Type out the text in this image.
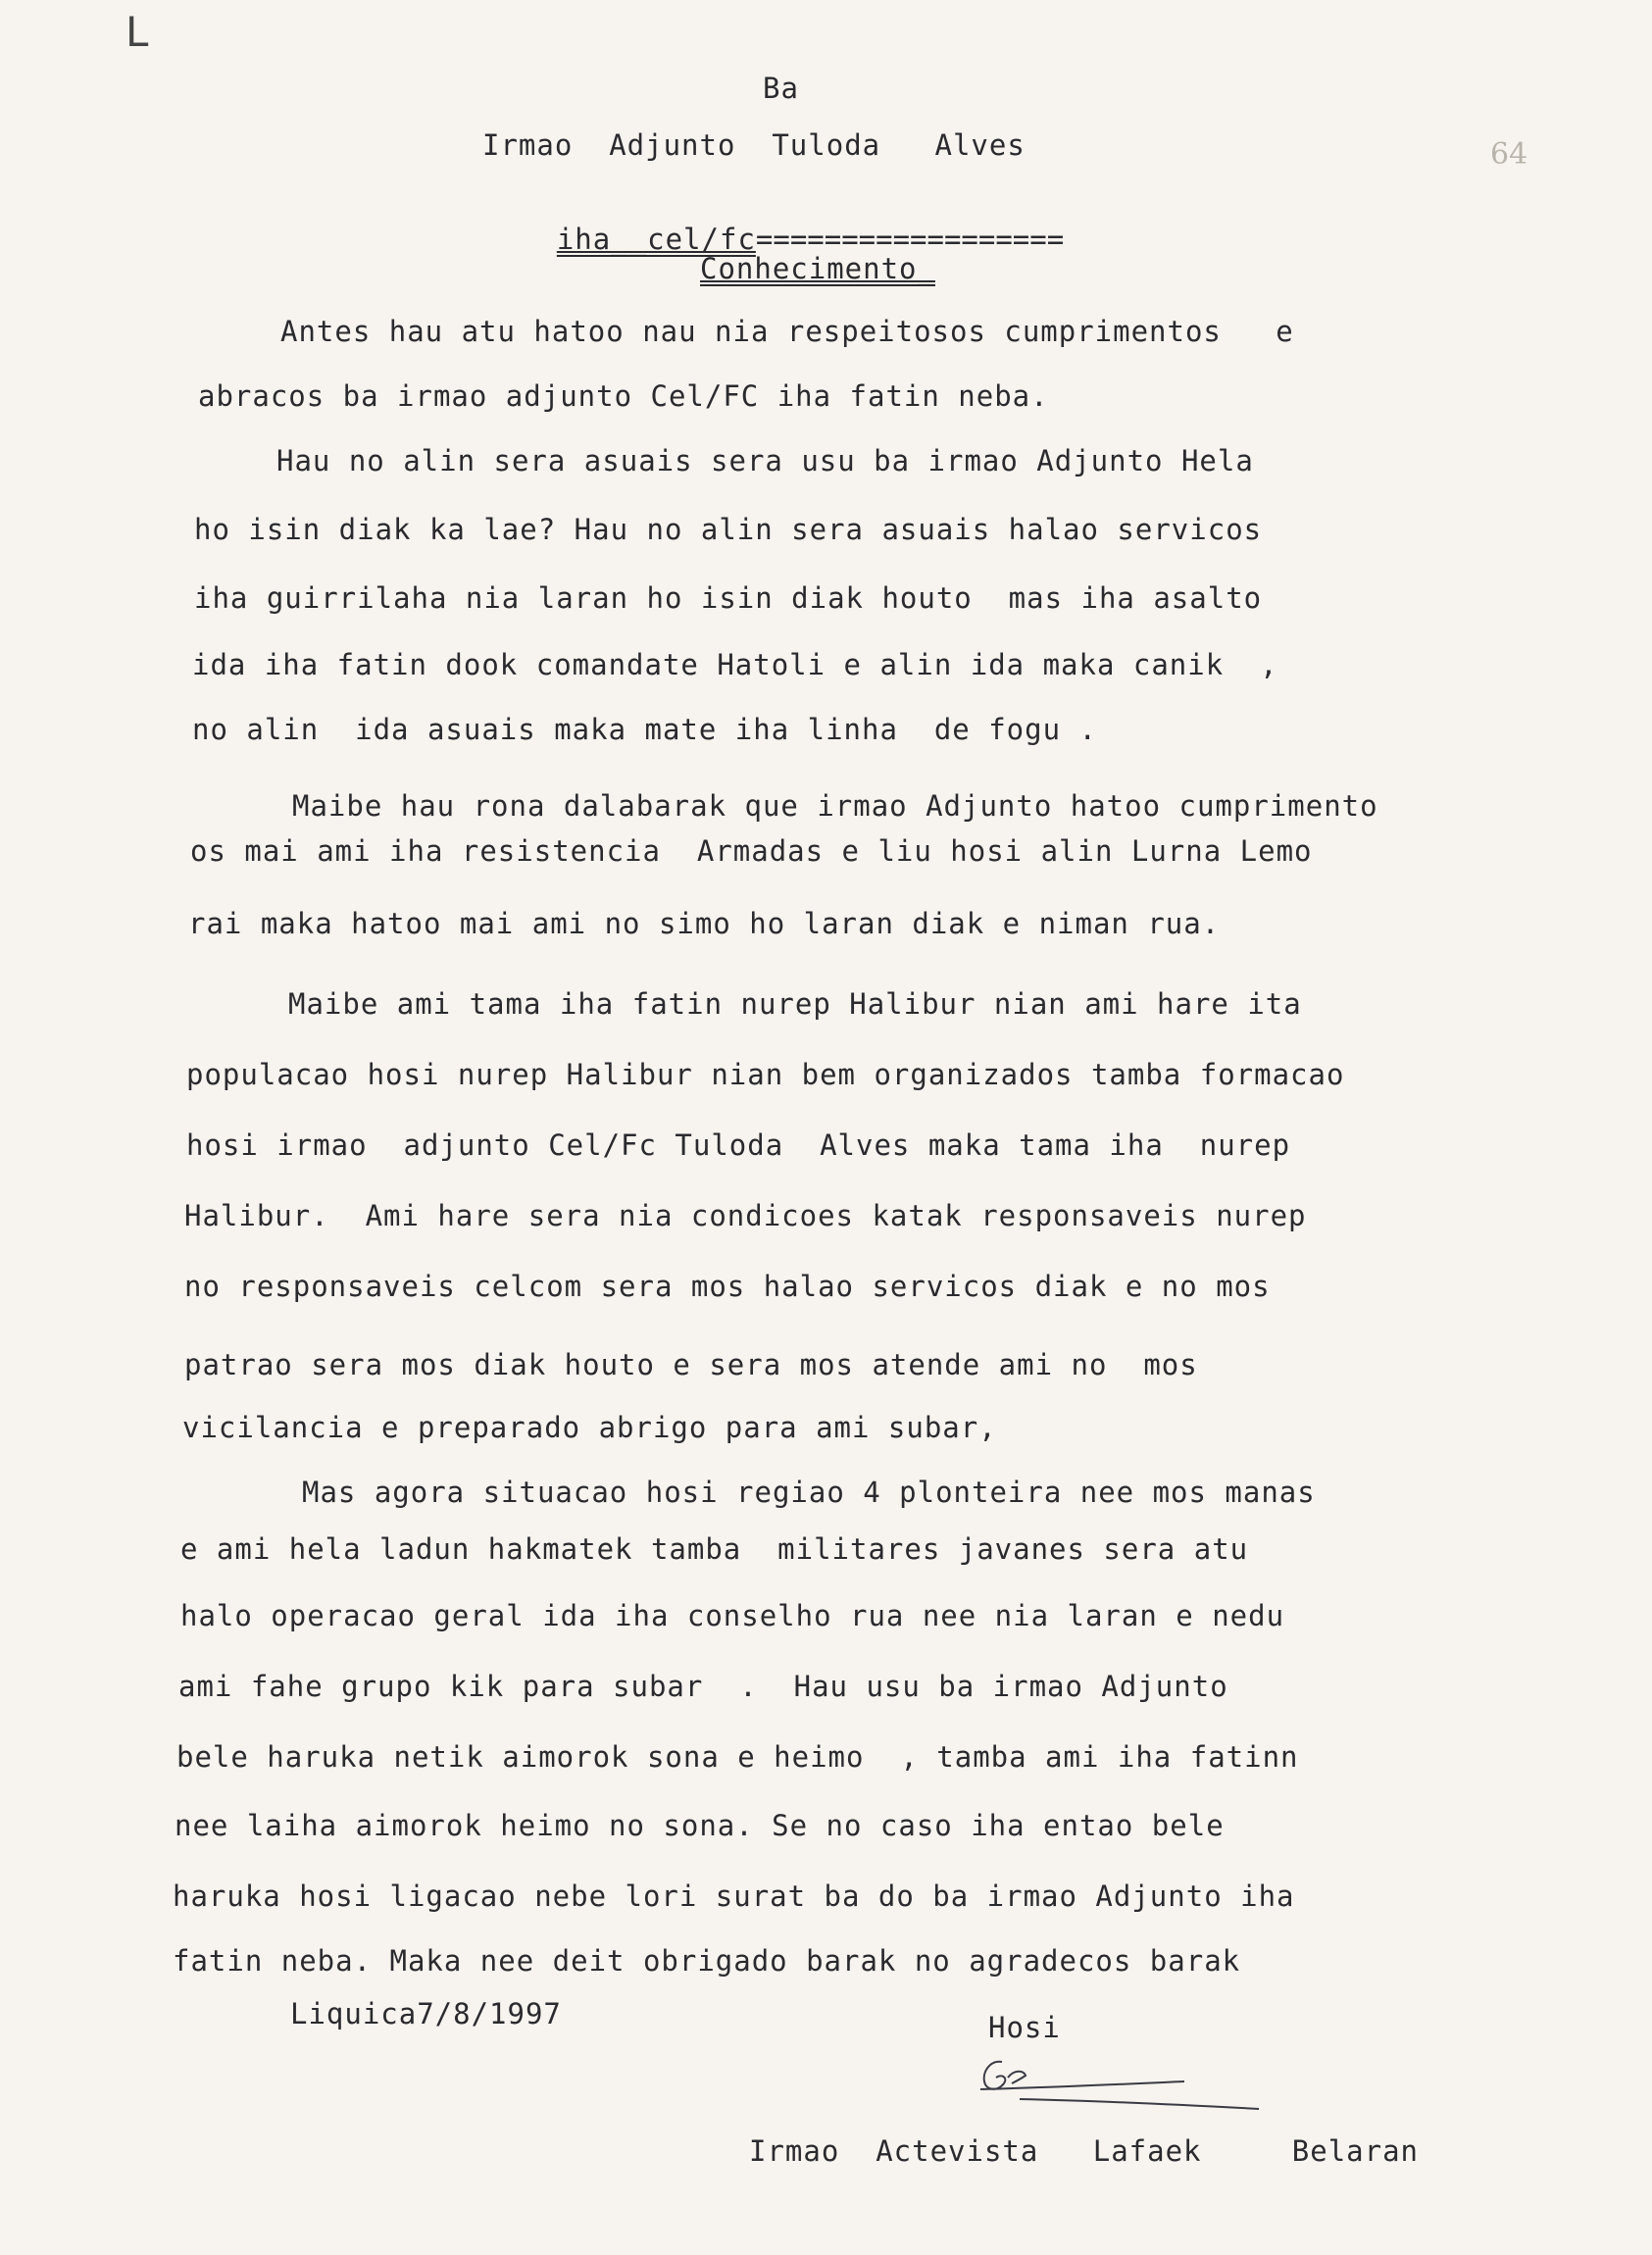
ᒪ
64
Ba
Irmao  Adjunto  Tuloda   Alves

iha__cel/fc==================

Conhecimento_
Antes hau atu hatoo nau nia respeitosos cumprimentos   e
abracos ba irmao adjunto Cel/FC iha fatin neba.
Hau no alin sera asuais sera usu ba irmao Adjunto Hela
ho isin diak ka lae? Hau no alin sera asuais halao servicos
iha guirrilaha nia laran ho isin diak houto  mas iha asalto
ida iha fatin dook comandate Hatoli e alin ida maka canik  ,
no alin  ida asuais maka mate iha linha  de fogu .
Maibe hau rona dalabarak que irmao Adjunto hatoo cumprimento
os mai ami iha resistencia  Armadas e liu hosi alin Lurna Lemo
rai maka hatoo mai ami no simo ho laran diak e niman rua.
Maibe ami tama iha fatin nurep Halibur nian ami hare ita
populacao hosi nurep Halibur nian bem organizados tamba formacao
hosi irmao  adjunto Cel/Fc Tuloda  Alves maka tama iha  nurep
Halibur.  Ami hare sera nia condicoes katak responsaveis nurep
no responsaveis celcom sera mos halao servicos diak e no mos
patrao sera mos diak houto e sera mos atende ami no  mos
vicilancia e preparado abrigo para ami subar,
Mas agora situacao hosi regiao 4 plonteira nee mos manas
e ami hela ladun hakmatek tamba  militares javanes sera atu
halo operacao geral ida iha conselho rua nee nia laran e nedu
ami fahe grupo kik para subar  .  Hau usu ba irmao Adjunto
bele haruka netik aimorok sona e heimo  , tamba ami iha fatinn
nee laiha aimorok heimo no sona. Se no caso iha entao bele
haruka hosi ligacao nebe lori surat ba do ba irmao Adjunto iha
fatin neba. Maka nee deit obrigado barak no agradecos barak
Liquica7/8/1997	Hosi
Irmao  Actevista   Lafaek     Belaran
